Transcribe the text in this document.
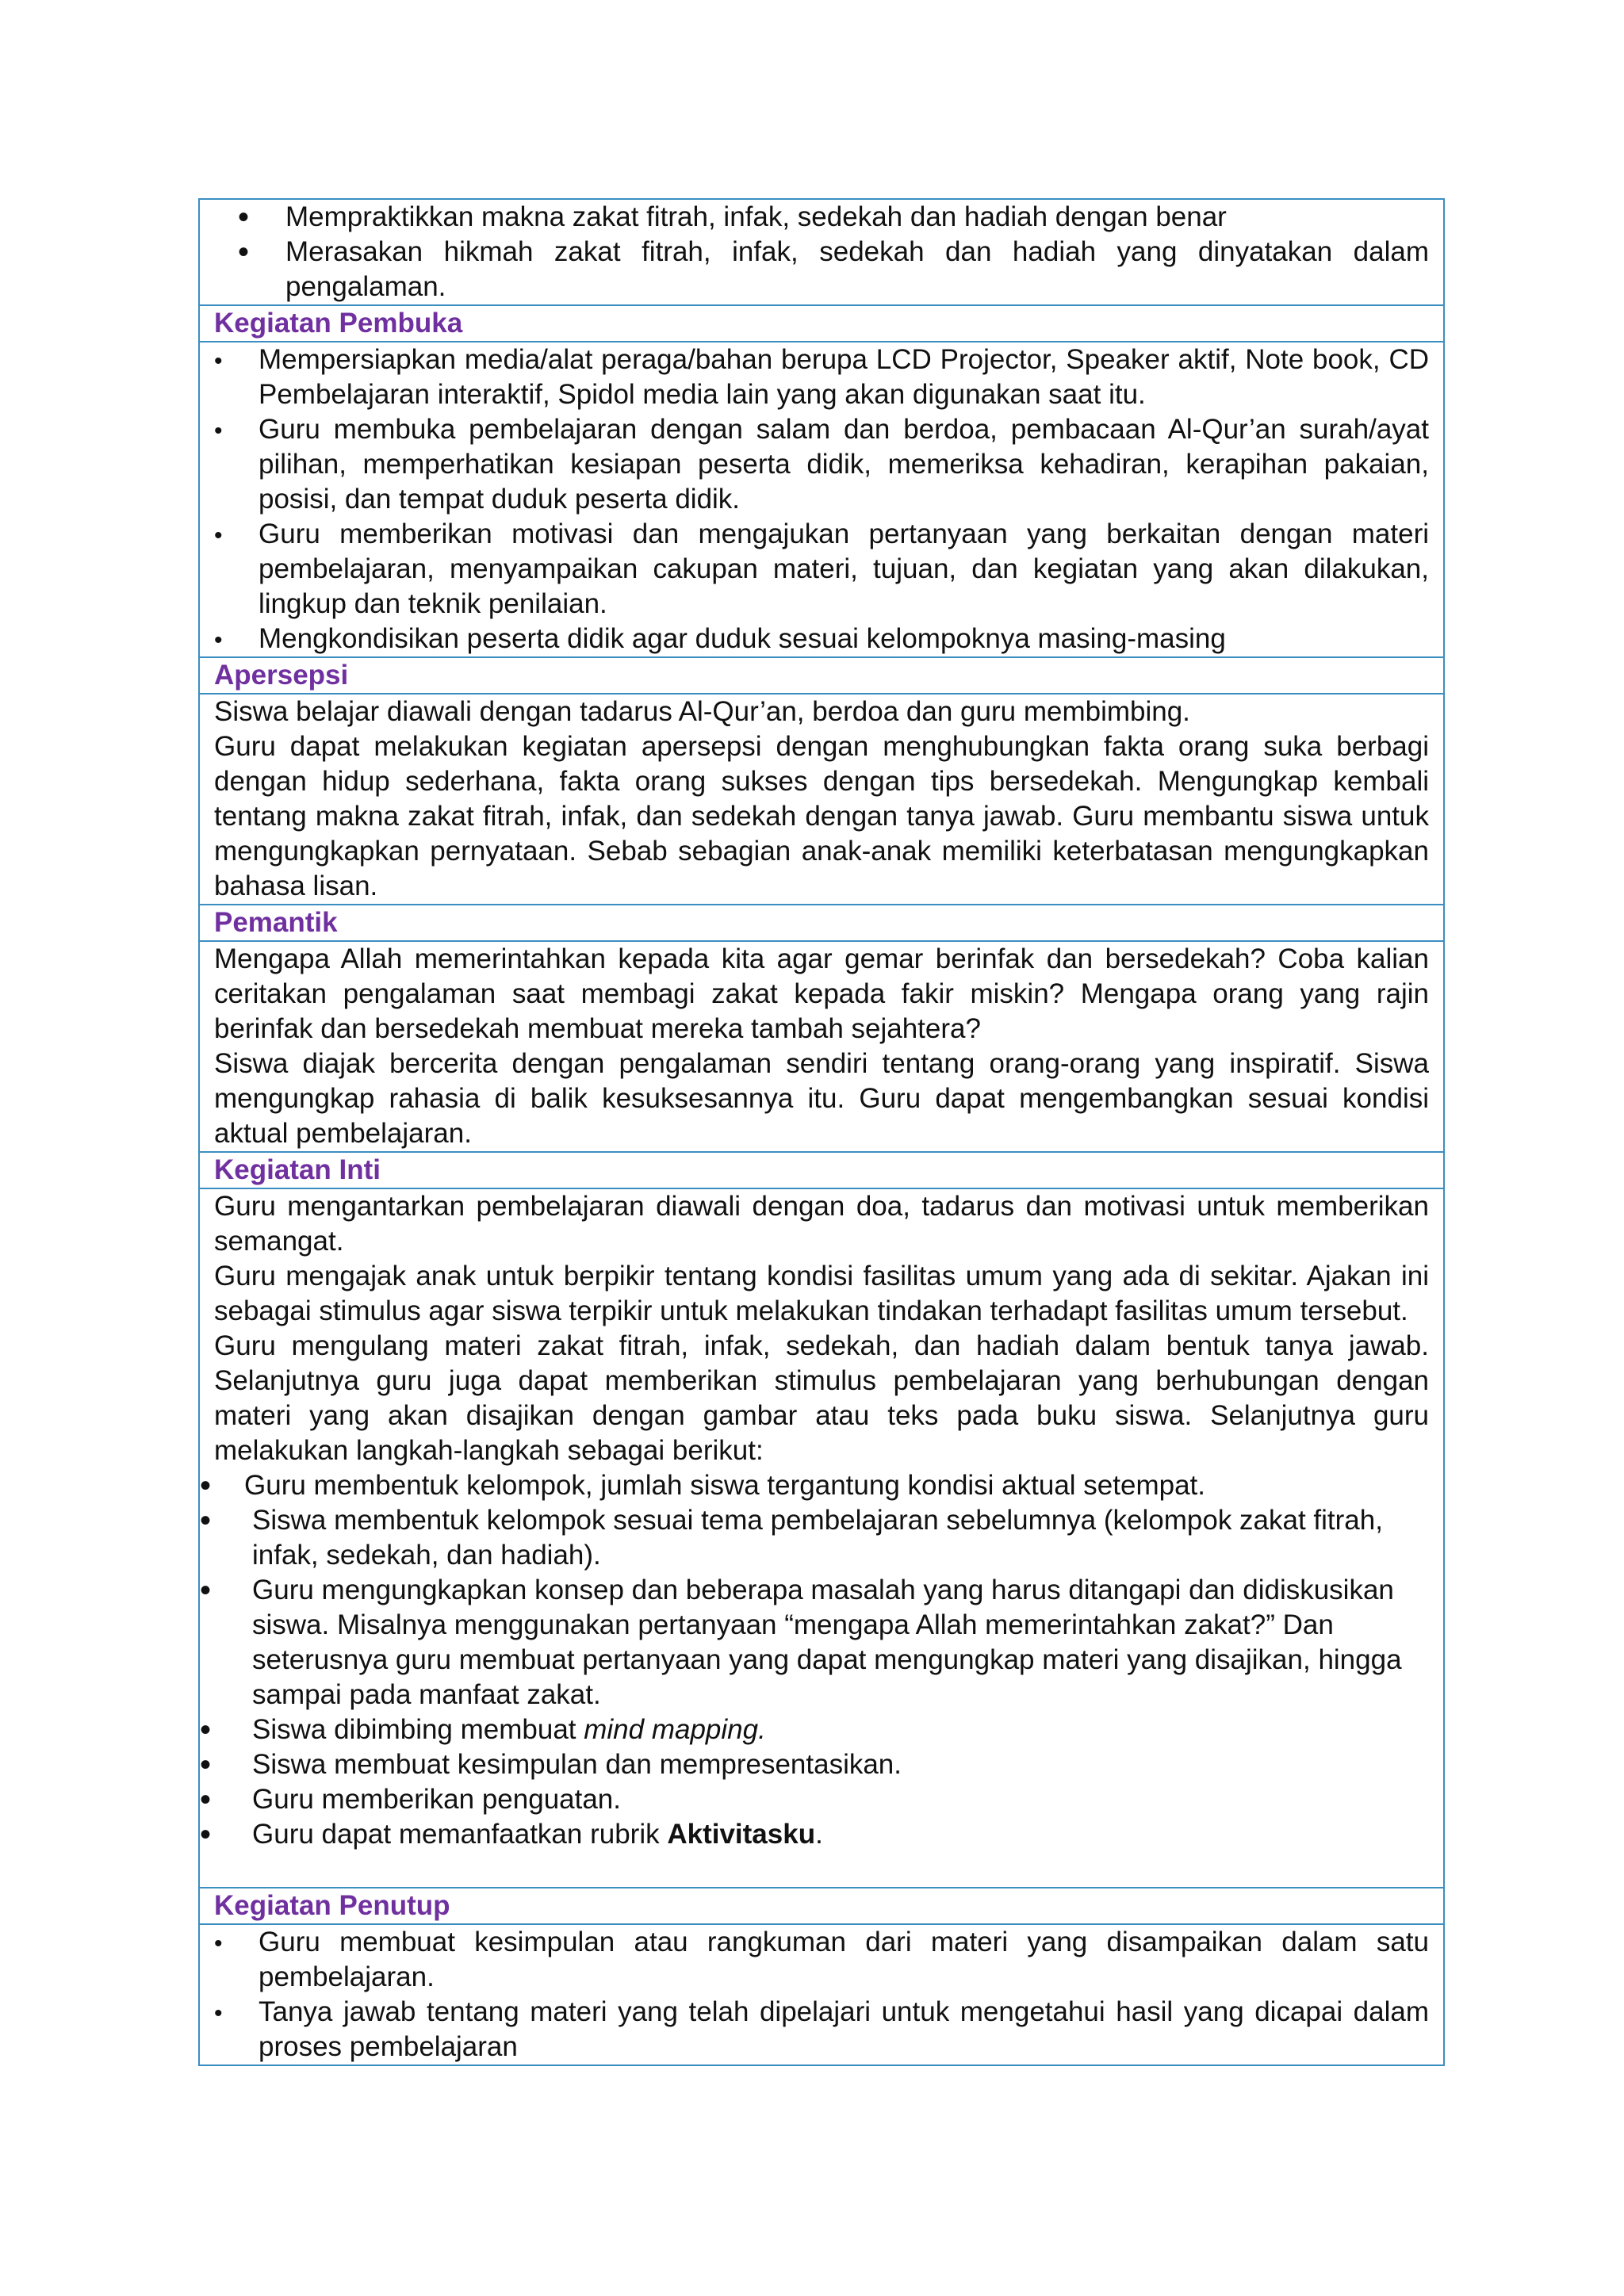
•
Mempraktikkan makna zakat fitrah, infak, sedekah dan hadiah dengan benar
•
Merasakan hikmah zakat fitrah, infak, sedekah dan hadiah yang dinyatakan dalam pengalaman.
Kegiatan Pembuka
•
Mempersiapkan media/alat peraga/bahan berupa LCD Projector, Speaker aktif, Note book, CD Pembelajaran interaktif, Spidol media lain yang akan digunakan saat itu.
•
Guru membuka pembelajaran dengan salam dan berdoa, pembacaan Al-Qur’an surah/ayat pilihan, memperhatikan kesiapan peserta didik, memeriksa kehadiran, kerapihan pakaian, posisi, dan tempat duduk peserta didik.
•
Guru memberikan motivasi dan mengajukan pertanyaan yang berkaitan dengan materi pembelajaran, menyampaikan cakupan materi, tujuan, dan kegiatan yang akan dilakukan, lingkup dan teknik penilaian.
•
Mengkondisikan peserta didik agar duduk sesuai kelompoknya masing-masing
Apersepsi

Siswa belajar diawali dengan tadarus Al-Qur’an, berdoa dan guru membimbing.

Guru dapat melakukan kegiatan apersepsi dengan menghubungkan fakta orang suka berbagi dengan hidup sederhana, fakta orang sukses dengan tips bersedekah. Mengungkap kembali tentang makna zakat fitrah, infak, dan sedekah dengan tanya jawab. Guru membantu siswa untuk mengungkapkan pernyataan. Sebab sebagian anak-anak memiliki keterbatasan mengungkapkan bahasa lisan.

Pemantik

Mengapa Allah memerintahkan kepada kita agar gemar berinfak dan bersedekah? Coba kalian ceritakan pengalaman saat membagi zakat kepada fakir miskin? Mengapa orang yang rajin berinfak dan bersedekah membuat mereka tambah sejahtera?

Siswa diajak bercerita dengan pengalaman sendiri tentang orang-orang yang inspiratif. Siswa mengungkap rahasia di balik kesuksesannya itu. Guru dapat mengembangkan sesuai kondisi aktual pembelajaran.

Kegiatan Inti

Guru mengantarkan pembelajaran diawali dengan doa, tadarus dan motivasi untuk memberikan semangat.

Guru mengajak anak untuk berpikir tentang kondisi fasilitas umum yang ada di sekitar. Ajakan ini sebagai stimulus agar siswa terpikir untuk melakukan tindakan terhadapt fasilitas umum tersebut.

Guru mengulang materi zakat fitrah, infak, sedekah, dan hadiah dalam bentuk tanya jawab. Selanjutnya guru juga dapat memberikan stimulus pembelajaran yang berhubungan dengan materi yang akan disajikan dengan gambar atau teks pada buku siswa. Selanjutnya guru melakukan langkah-langkah sebagai berikut:

•
Guru membentuk kelompok, jumlah siswa tergantung kondisi aktual setempat.
•
Siswa membentuk kelompok sesuai tema pembelajaran sebelumnya (kelompok zakat fitrah, infak, sedekah, dan hadiah).
•
Guru mengungkapkan konsep dan beberapa masalah yang harus ditangapi dan didiskusikan siswa. Misalnya menggunakan pertanyaan “mengapa Allah memerintahkan zakat?” Dan seterusnya guru membuat pertanyaan yang dapat mengungkap materi yang disajikan, hingga sampai pada manfaat zakat.
•
Siswa dibimbing membuat mind mapping.
•
Siswa membuat kesimpulan dan mempresentasikan.
•
Guru memberikan penguatan.
•
Guru dapat memanfaatkan rubrik Aktivitasku.
Kegiatan Penutup
•
Guru membuat kesimpulan atau rangkuman dari materi yang disampaikan dalam satu pembelajaran.
•
Tanya jawab tentang materi yang telah dipelajari untuk mengetahui hasil yang dicapai dalam proses pembelajaran
